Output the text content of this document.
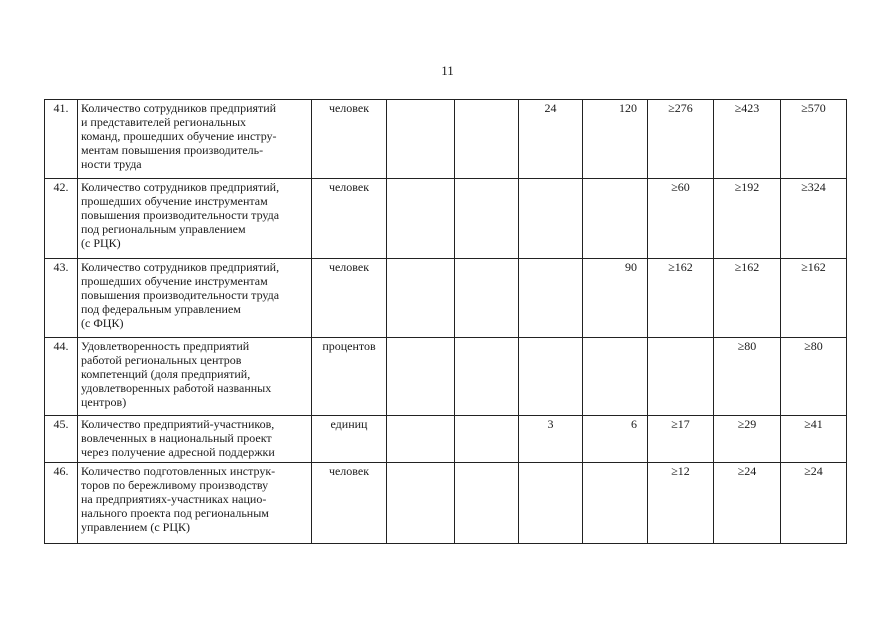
11
41.	Количество сотрудников предприятий
и представителей региональных
команд, прошедших обучение инстру-
ментам повышения производитель-
ности труда	человек			24	120	≥276	≥423	≥570
42.	Количество сотрудников предприятий,
прошедших обучение инструментам
повышения производительности труда
под региональным управлением
(с РЦК)	человек					≥60	≥192	≥324
43.	Количество сотрудников предприятий,
прошедших обучение инструментам
повышения производительности труда
под федеральным управлением
(с ФЦК)	человек				90	≥162	≥162	≥162
44.	Удовлетворенность предприятий
работой региональных центров
компетенций (доля предприятий,
удовлетворенных работой названных
центров)	процентов						≥80	≥80
45.	Количество предприятий-участников,
вовлеченных в национальный проект
через получение адресной поддержки	единиц			3	6	≥17	≥29	≥41
46.	Количество подготовленных инструк-
торов по бережливому производству
на предприятиях-участниках нацио-
нального проекта под региональным
управлением (с РЦК)	человек					≥12	≥24	≥24
